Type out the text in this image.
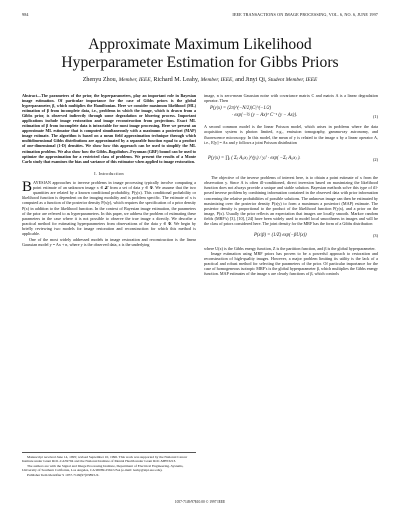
984	IEEE TRANSACTIONS ON IMAGE PROCESSING, VOL. 6, NO. 6, JUNE 1997
Approximate Maximum Likelihood
Hyperparameter Estimation for Gibbs Priors
Zhenyu Zhou, Member, IEEE, Richard M. Leahy, Member, IEEE, and Jinyi Qi, Student Member, IEEE

Abstract—The parameters of the prior, the hyperparameters, play an important role in Bayesian image estimation. Of particular importance for the case of Gibbs priors is the global hyperparameter, β, which multiplies the Hamiltonian. Here we consider maximum likelihood (ML) estimation of β from incomplete data, i.e., problems in which the image, which is drawn from a Gibbs prior, is observed indirectly through some degradation or blurring process. Important applications include image restoration and image reconstruction from projections. Exact ML estimation of β from incomplete data is intractable for most image processing. Here we present an approximate ML estimator that is computed simultaneously with a maximum a posteriori (MAP) image estimate. The algorithm is based on a mean field approximation technique through which multidimensional Gibbs distributions are approximated by a separable function equal to a product of one-dimensional (1-D) densities. We show how this approach can be used to simplify the ML estimation problem. We also show how the Gibbs–Bogoliubov–Feynman (GBF) bound can be used to optimize the approximation for a restricted class of problems. We present the results of a Monte Carlo study that examines the bias and variance of this estimator when applied to image restoration.

I. Introduction

BAYESIAN approaches to inverse problems in image processing typically involve computing a point estimate of an unknown image x ∈ 𝒳 from a set of data y ∈ 𝒴. We assume that the two quantities are related by a known conditional probability, P(y|x). This conditional probability or likelihood function is dependent on the imaging modality and is problem specific. The estimate of x is computed as a function of the posterior density P(x|y), which requires the specification of a prior density P(x) in addition to the likelihood function. In the context of Bayesian image estimation, the parameters of the prior are referred to as hyperparameters. In this paper, we address the problem of estimating these parameters in the case where it is not possible to observe the true image x directly. We describe a practical method for estimating hyperparameters from observations of the data y ∈ 𝒴. We begin by briefly reviewing two models for image restoration and reconstruction for which this method is applicable.

One of the most widely addressed models in image restoration and reconstruction is the linear Gaussian model y = Ax + n, where y is the observed data, x is the underlying

Manuscript received June 14, 1995; revised September 10, 1996. This work was supported by the National Cancer Institute under Grant RO1-CA59794 and the National Institute of Mental Health under Grant RO1-MH53213.

The authors are with the Signal and Image Processing Institute, Department of Electrical Engineering–Systems, University of Southern California, Los Angeles, CA 90089-2564 USA (e-mail: leahy@sipi.usc.edu).

Publisher Item Identifier S 1057-7149(97)03893-X.

image, n is zero-mean Gaussian noise with covariance matrix C and matrix A is a linear degradation operator. Then

P(y|x) = (2π)^(−N/2)|C|^(−1/2)
· exp{−½ (y − Ax)ᵀ C⁻¹ (y − Ax)}.	(1)

A second common model is the linear Poisson model, which arises in problems where the data acquisition system is photon limited, e.g., emission tomography, gamma-ray astronomy, and fluorescence microscopy. In this model, the mean of y is related to the image x by a linear operator A, i.e., E[y] = Ax and y follows a joint Poisson distribution

P(y|x) = ∏ᵢ ( Σⱼ Aᵢⱼxⱼ )^(yᵢ) / yᵢ! · exp( −Σⱼ Aᵢⱼxⱼ ).	(2)

The objective of the inverse problems of interest here, is to obtain a point estimate of x from the observation y. Since A is often ill-conditioned, direct inversion based on maximizing the likelihood function does not always provide a unique and stable solution. Bayesian methods solve this type of ill-posed inverse problem by combining information contained in the observed data with prior information concerning the relative probabilities of possible solutions. The unknown image can then be estimated by maximizing over the posterior density P(x|y) to form a maximum a posteriori (MAP) estimate. The posterior density is proportional to the product of the likelihood function P(y|x), and a prior on the image, P(x). Usually the prior reflects an expectation that images are locally smooth. Markov random fields (MRF's) [3], [10], [24] have been widely used to model local smoothness in images and will be the class of priors considered here. The joint density for the MRF has the form of a Gibbs distribution

P(x|β) = (1/Z) exp(−βU(x))	(3)

where U(x) is the Gibbs energy function, Z is the partition function, and β is the global hyperparameter.

Image estimation using MRF priors has proven to be a powerful approach to restoration and reconstruction of high-quality images. However, a major problem limiting its utility is the lack of a practical and robust method for selecting the parameters of the prior. Of particular importance for the case of homogeneous isotropic MRF's is the global hyperparameter β, which multiplies the Gibbs energy function. MAP estimates of the image x are clearly functions of β, which controls

1057-7149/97$10.00 © 1997 IEEE
